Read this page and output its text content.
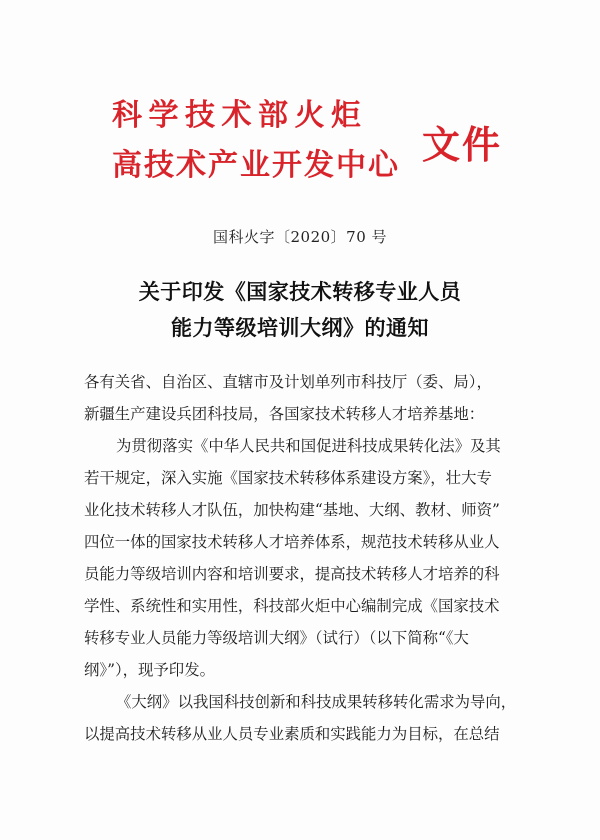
科学技术部火炬
高技术产业开发中心 文件
国科火字〔2020〕70 号
关于印发《国家技术转移专业人员
能力等级培训大纲》的通知

各有关省、自治区、直辖市及计划单列市科技厅（委、局），

新疆生产建设兵团科技局，各国家技术转移人才培养基地：

为贯彻落实《中华人民共和国促进科技成果转化法》及其

若干规定，深入实施《国家技术转移体系建设方案》，壮大专

业化技术转移人才队伍，加快构建“基地、大纲、教材、师资”

四位一体的国家技术转移人才培养体系，规范技术转移从业人

员能力等级培训内容和培训要求，提高技术转移人才培养的科

学性、系统性和实用性，科技部火炬中心编制完成《国家技术

转移专业人员能力等级培训大纲》（试行）（以下简称“《大

纲》”），现予印发。

《大纲》以我国科技创新和科技成果转移转化需求为导向，

以提高技术转移从业人员专业素质和实践能力为目标，在总结
